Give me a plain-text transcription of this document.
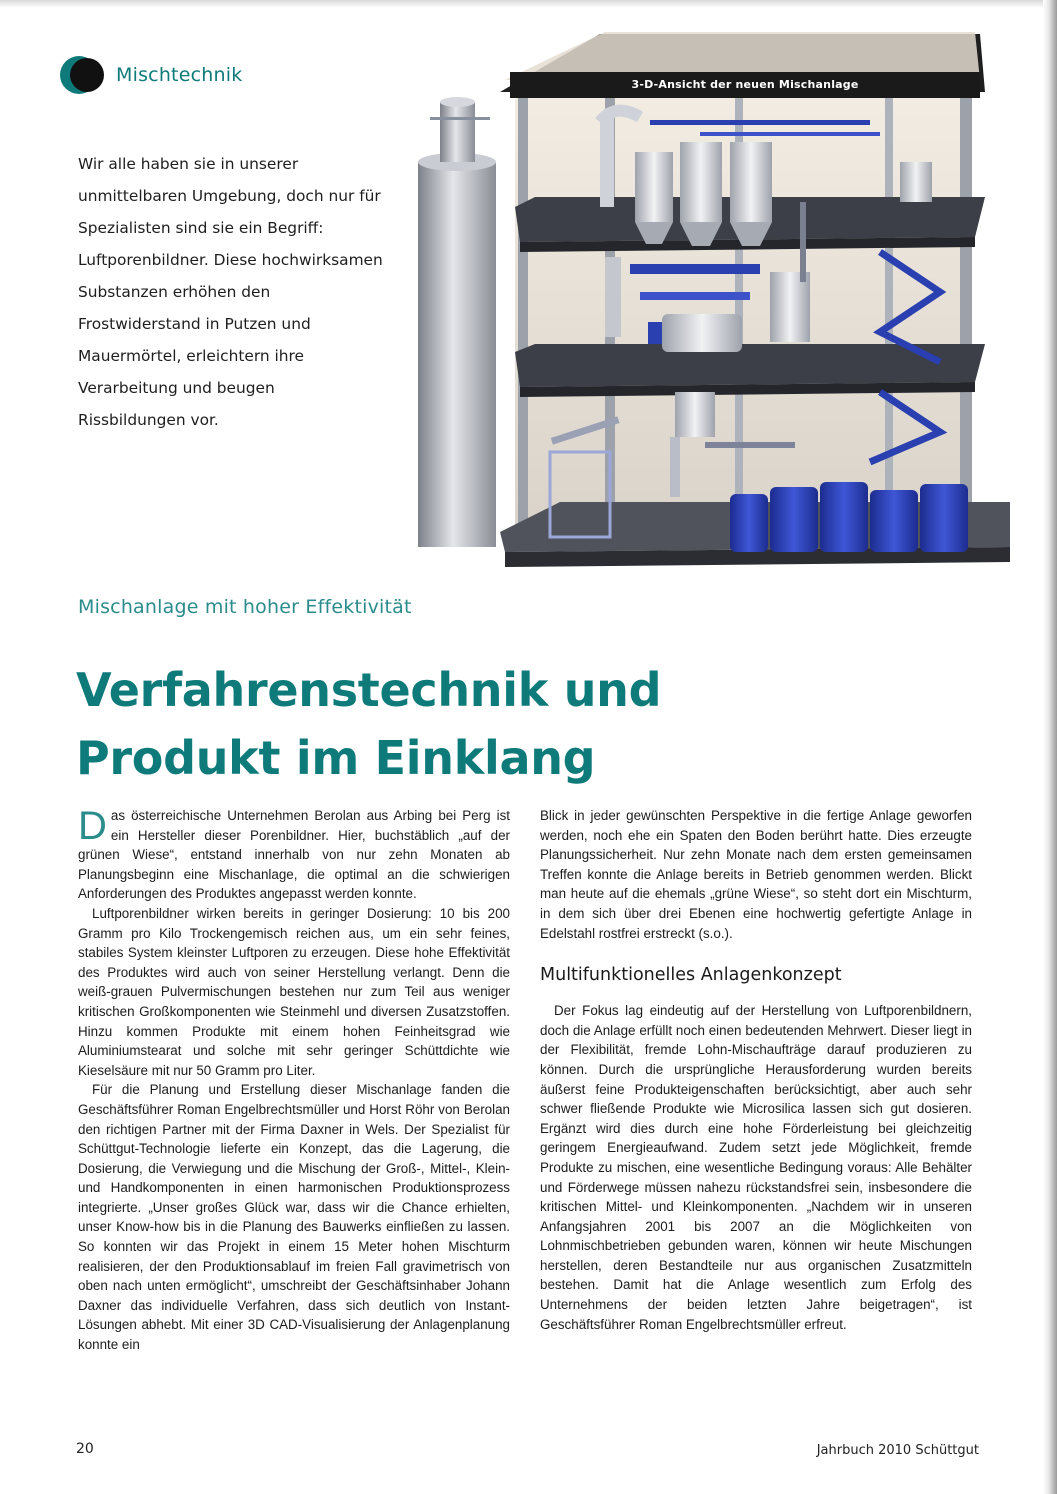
Mischtechnik

Wir alle haben sie in unserer unmittelbaren Umgebung, doch nur für Spezialisten sind sie ein Begriff: Luftporenbildner. Diese hochwirksamen Substanzen erhöhen den Frostwiderstand in Putzen und Mauermörtel, erleichtern ihre Verarbeitung und beugen Rissbildungen vor.

3-D-Ansicht der neuen Mischanlage
Mischanlage mit hoher Effektivität
Verfahrenstechnik und
Produkt im Einklang

Das österreichische Unternehmen Berolan aus Arbing bei Perg ist ein Hersteller dieser Porenbildner. Hier, buchstäblich „auf der grünen Wiese“, entstand innerhalb von nur zehn Monaten ab Planungsbeginn eine Mischanlage, die optimal an die schwierigen Anforderungen des Produktes angepasst werden konnte.

Luftporenbildner wirken bereits in geringer Dosierung: 10 bis 200 Gramm pro Kilo Trockengemisch reichen aus, um ein sehr feines, stabiles System kleinster Luftporen zu erzeugen. Diese hohe Effektivität des Produktes wird auch von seiner Herstellung verlangt. Denn die weiß-grauen Pulvermischungen bestehen nur zum Teil aus weniger kritischen Großkomponenten wie Steinmehl und diversen Zusatzstoffen. Hinzu kommen Produkte mit einem hohen Feinheitsgrad wie Aluminiumstearat und solche mit sehr geringer Schüttdichte wie Kieselsäure mit nur 50 Gramm pro Liter.

Für die Planung und Erstellung dieser Mischanlage fanden die Geschäftsführer Roman Engelbrechtsmüller und Horst Röhr von Berolan den richtigen Partner mit der Firma Daxner in Wels. Der Spezialist für Schüttgut-Technologie lieferte ein Konzept, das die Lagerung, die Dosierung, die Verwiegung und die Mischung der Groß-, Mittel-, Klein- und Handkomponenten in einen harmonischen Produktionsprozess integrierte. „Unser großes Glück war, dass wir die Chance erhielten, unser Know-how bis in die Planung des Bauwerks einfließen zu lassen. So konnten wir das Projekt in einem 15 Meter hohen Mischturm realisieren, der den Produktionsablauf im freien Fall gravimetrisch von oben nach unten ermöglicht“, umschreibt der Geschäftsinhaber Johann Daxner das individuelle Verfahren, dass sich deutlich von Instant-Lösungen abhebt. Mit einer 3D CAD-Visualisierung der Anlagenplanung konnte ein

Blick in jeder gewünschten Perspektive in die fertige Anlage geworfen werden, noch ehe ein Spaten den Boden berührt hatte. Dies erzeugte Planungssicherheit. Nur zehn Monate nach dem ersten gemeinsamen Treffen konnte die Anlage bereits in Betrieb genommen werden. Blickt man heute auf die ehemals „grüne Wiese“, so steht dort ein Mischturm, in dem sich über drei Ebenen eine hochwertig gefertigte Anlage in Edelstahl rostfrei erstreckt (s.o.).

Multifunktionelles Anlagenkonzept

Der Fokus lag eindeutig auf der Herstellung von Luftporenbildnern, doch die Anlage erfüllt noch einen bedeutenden Mehrwert. Dieser liegt in der Flexibilität, fremde Lohn-Mischaufträge darauf produzieren zu können. Durch die ursprüngliche Herausforderung wurden bereits äußerst feine Produkteigenschaften berücksichtigt, aber auch sehr schwer fließende Produkte wie Microsilica lassen sich gut dosieren. Ergänzt wird dies durch eine hohe Förderleistung bei gleichzeitig geringem Energieaufwand. Zudem setzt jede Möglichkeit, fremde Produkte zu mischen, eine wesentliche Bedingung voraus: Alle Behälter und Förderwege müssen nahezu rückstandsfrei sein, insbesondere die kritischen Mittel- und Kleinkomponenten. „Nachdem wir in unseren Anfangsjahren 2001 bis 2007 an die Möglichkeiten von Lohnmischbetrieben gebunden waren, können wir heute Mischungen herstellen, deren Bestandteile nur aus organischen Zusatzmitteln bestehen. Damit hat die Anlage wesentlich zum Erfolg des Unternehmens der beiden letzten Jahre beigetragen“, ist Geschäftsführer Roman Engelbrechtsmüller erfreut.

20	Jahrbuch 2010 Schüttgut
